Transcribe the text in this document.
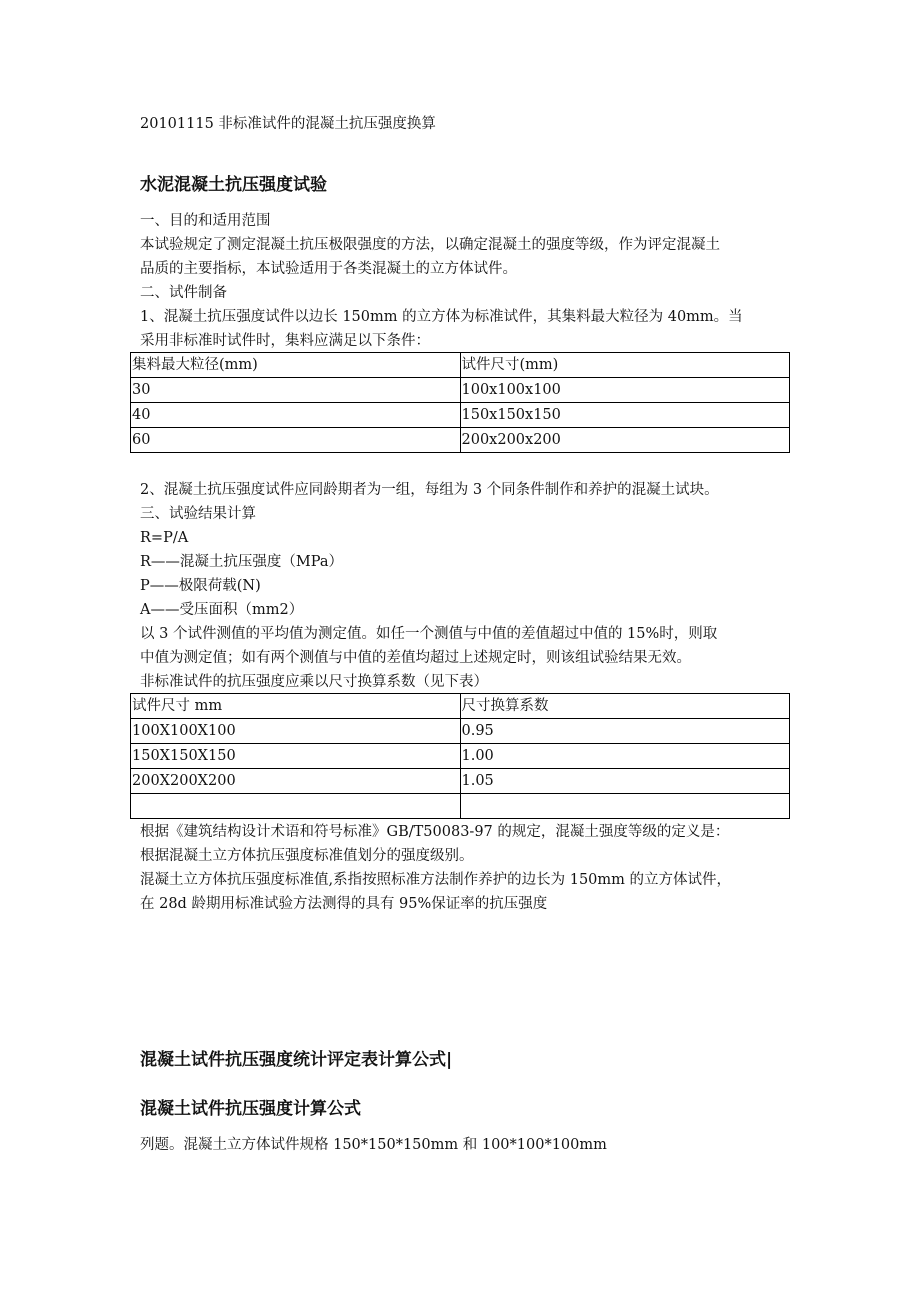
20101115 非标准试件的混凝土抗压强度换算
水泥混凝土抗压强度试验
一、目的和适用范围
本试验规定了测定混凝土抗压极限强度的方法，以确定混凝土的强度等级，作为评定混凝土
品质的主要指标，本试验适用于各类混凝土的立方体试件。
二、试件制备
1、混凝土抗压强度试件以边长 150mm 的立方体为标准试件，其集料最大粒径为 40mm。当
采用非标准时试件时，集料应满足以下条件：
集料最大粒径(mm)	试件尺寸(mm)
30	100x100x100
40	150x150x150
60	200x200x200
2、混凝土抗压强度试件应同龄期者为一组，每组为 3 个同条件制作和养护的混凝土试块。
三、试验结果计算
R=P/A
R——混凝土抗压强度（MPa）
P——极限荷载(N)
A——受压面积（mm2）
以 3 个试件测值的平均值为测定值。如任一个测值与中值的差值超过中值的 15%时，则取
中值为测定值；如有两个测值与中值的差值均超过上述规定时，则该组试验结果无效。
非标准试件的抗压强度应乘以尺寸换算系数（见下表）
试件尺寸 mm	尺寸换算系数
100X100X100	0.95
150X150X150	1.00
200X200X200	1.05

根据《建筑结构设计术语和符号标准》GB/T50083-97 的规定，混凝土强度等级的定义是：
根据混凝土立方体抗压强度标准值划分的强度级别。
混凝土立方体抗压强度标准值,系指按照标准方法制作养护的边长为 150mm 的立方体试件，
在 28d 龄期用标准试验方法测得的具有 95%保证率的抗压强度
混凝土试件抗压强度统计评定表计算公式|
混凝土试件抗压强度计算公式
列题。混凝土立方体试件规格 150*150*150mm 和 100*100*100mm
